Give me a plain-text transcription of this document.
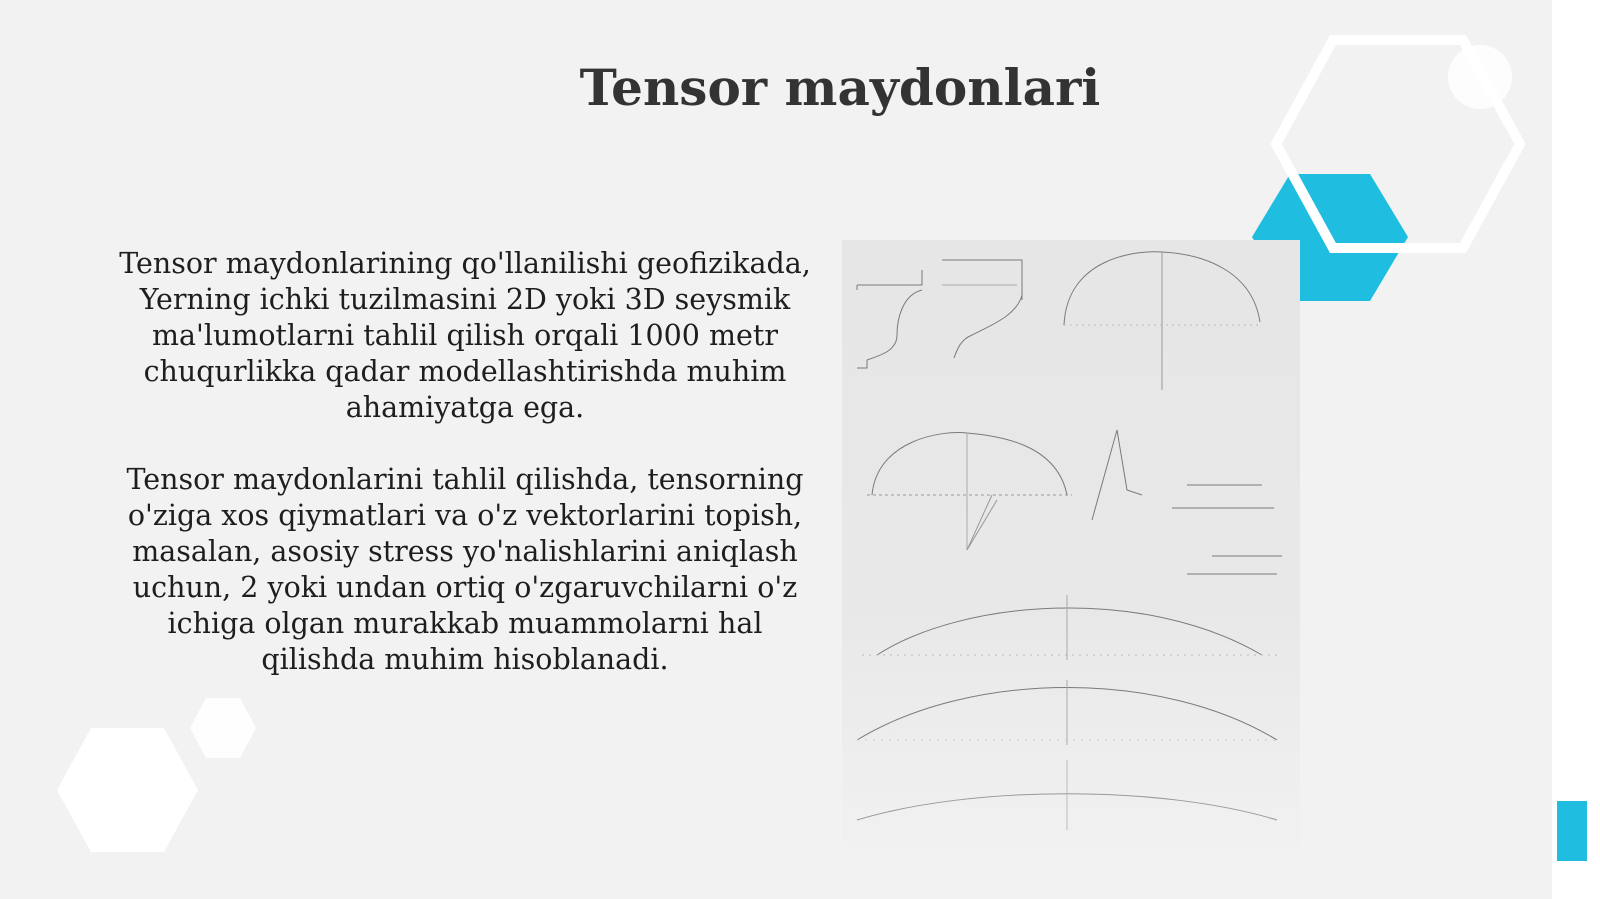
Tensor maydonlari

Tensor maydonlarining qo'llanilishi geofizikada, Yerning ichki tuzilmasini 2D yoki 3D seysmik ma'lumotlarni tahlil qilish orqali 1000 metr chuqurlikka qadar modellashtirishda muhim ahamiyatga ega.

Tensor maydonlarini tahlil qilishda, tensorning o'ziga xos qiymatlari va o'z vektorlarini topish, masalan, asosiy stress yo'nalishlarini aniqlash uchun, 2 yoki undan ortiq o'zgaruvchilarni o'z ichiga olgan murakkab muammolarni hal qilishda muhim hisoblanadi.
